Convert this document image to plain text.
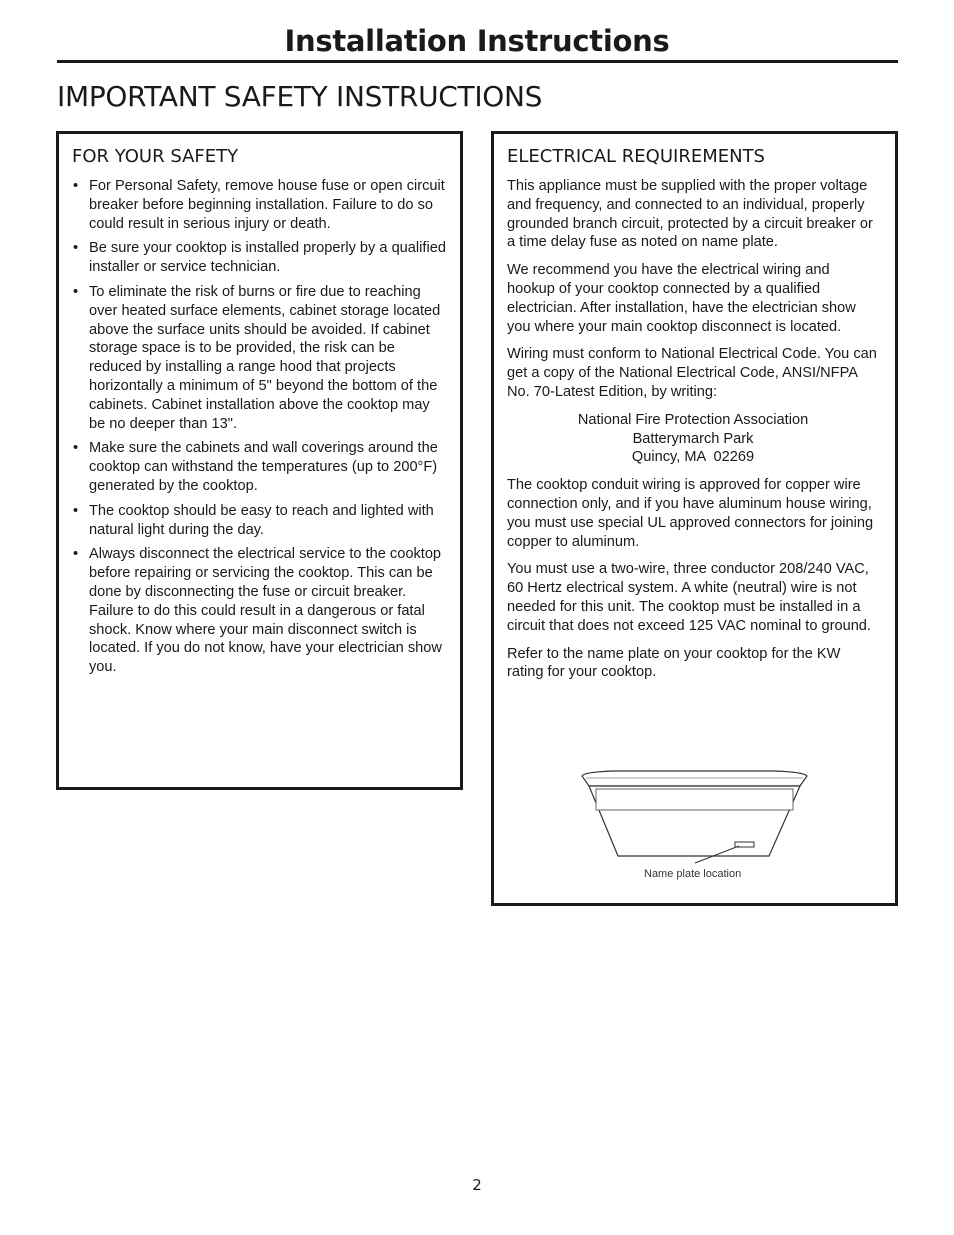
Installation Instructions
IMPORTANT SAFETY INSTRUCTIONS
FOR YOUR SAFETY
• For Personal Safety, remove house fuse or open circuit breaker before beginning installation. Failure to do so could result in serious injury or death.
• Be sure your cooktop is installed properly by a qualified installer or service technician.
• To eliminate the risk of burns or fire due to reaching over heated surface elements, cabinet storage located above the surface units should be avoided. If cabinet storage space is to be provided, the risk can be reduced by installing a range hood that projects horizontally a minimum of 5" beyond the bottom of the cabinets. Cabinet installation above the cooktop may be no deeper than 13".
• Make sure the cabinets and wall coverings around the cooktop can withstand the temperatures (up to 200°F) generated by the cooktop.
• The cooktop should be easy to reach and lighted with natural light during the day.
• Always disconnect the electrical service to the cooktop before repairing or servicing the cooktop. This can be done by disconnecting the fuse or circuit breaker. Failure to do this could result in a dangerous or fatal shock. Know where your main disconnect switch is located. If you do not know, have your electrician show you.
ELECTRICAL REQUIREMENTS

This appliance must be supplied with the proper voltage and frequency, and connected to an individual, properly grounded branch circuit, protected by a circuit breaker or a time delay fuse as noted on name plate.

We recommend you have the electrical wiring and hookup of your cooktop connected by a qualified electrician. After installation, have the electrician show you where your main cooktop disconnect is located.

Wiring must conform to National Electrical Code. You can get a copy of the National Electrical Code, ANSI/NFPA No. 70-Latest Edition, by writing:

National Fire Protection Association
Batterymarch Park
Quincy, MA  02269

The cooktop conduit wiring is approved for copper wire connection only, and if you have aluminum house wiring, you must use special UL approved connectors for joining copper to aluminum.

You must use a two-wire, three conductor 208/240 VAC, 60 Hertz electrical system. A white (neutral) wire is not needed for this unit. The cooktop must be installed in a circuit that does not exceed 125 VAC nominal to ground.

Refer to the name plate on your cooktop for the KW rating for your cooktop.

Name plate location
2
